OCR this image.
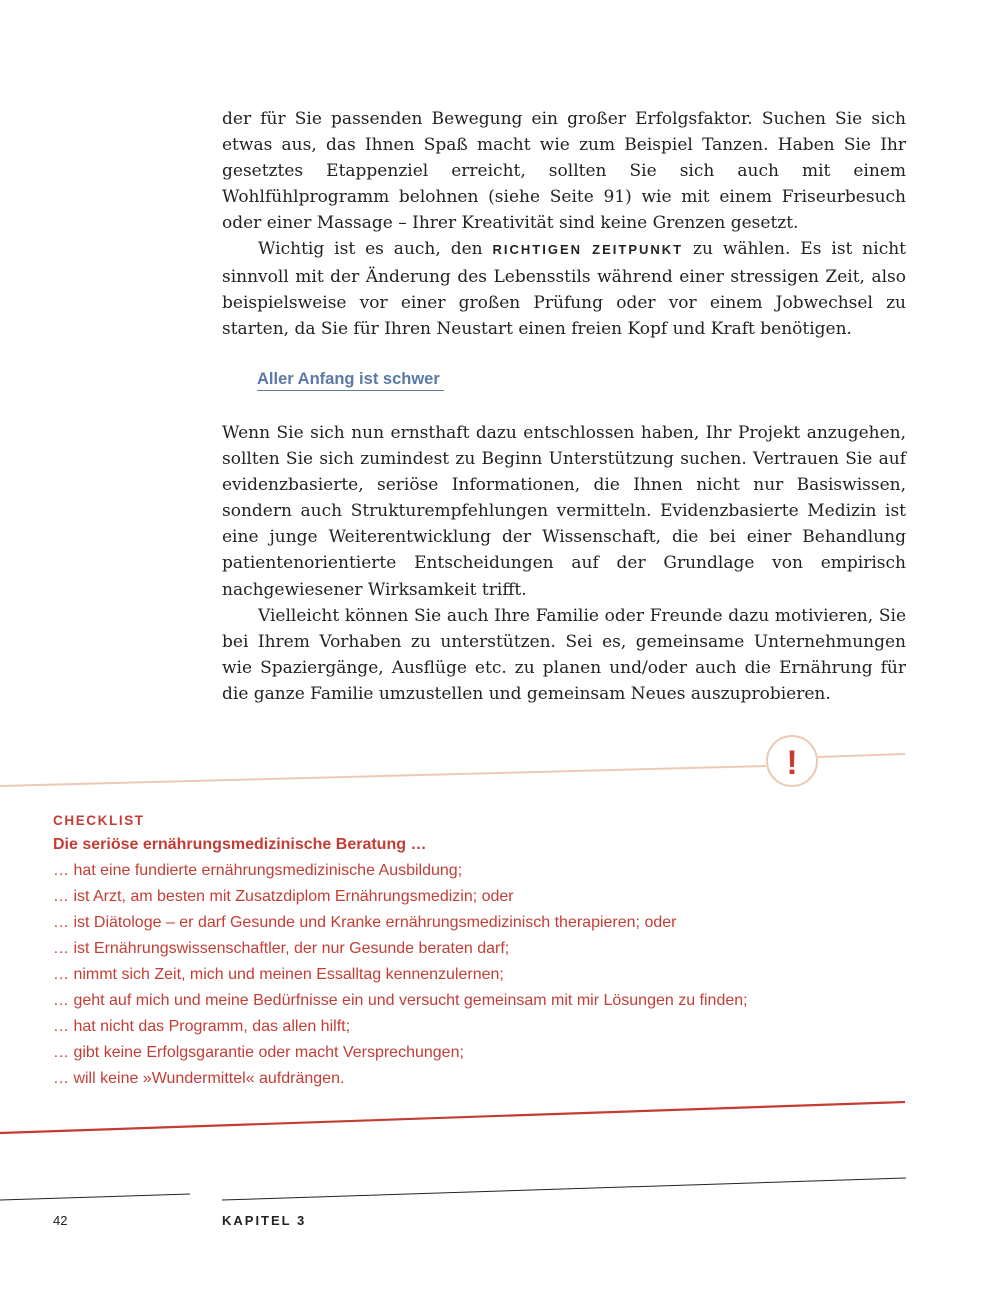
der für Sie passenden Bewegung ein großer Erfolgsfaktor. Suchen Sie sich etwas aus, das Ihnen Spaß macht wie zum Beispiel Tanzen. Haben Sie Ihr gesetztes Etappenziel erreicht, sollten Sie sich auch mit einem Wohlfühlprogramm belohnen (siehe Seite 91) wie mit einem Friseurbesuch oder einer Massage – Ihrer Kreativität sind keine Grenzen gesetzt.

Wichtig ist es auch, den RICHTIGEN ZEITPUNKT zu wählen. Es ist nicht sinnvoll mit der Änderung des Lebensstils während einer stressigen Zeit, also beispielsweise vor einer großen Prüfung oder vor einem Jobwechsel zu starten, da Sie für Ihren Neustart einen freien Kopf und Kraft benötigen.

Aller Anfang ist schwer

Wenn Sie sich nun ernsthaft dazu entschlossen haben, Ihr Projekt anzugehen, sollten Sie sich zumindest zu Beginn Unterstützung suchen. Vertrauen Sie auf evidenzbasierte, seriöse Informationen, die Ihnen nicht nur Basiswissen, sondern auch Strukturempfehlungen vermitteln. Evidenzbasierte Medizin ist eine junge Weiterentwicklung der Wissenschaft, die bei einer Behandlung patientenorientierte Entscheidungen auf der Grundlage von empirisch nachgewiesener Wirksamkeit trifft.

Vielleicht können Sie auch Ihre Familie oder Freunde dazu motivieren, Sie bei Ihrem Vorhaben zu unterstützen. Sei es, gemeinsame Unternehmungen wie Spaziergänge, Ausflüge etc. zu planen und/oder auch die Ernährung für die ganze Familie umzustellen und gemeinsam Neues auszuprobieren.

!
CHECKLIST
Die seriöse ernährungsmedizinische Beratung …
… hat eine fundierte ernährungsmedizinische Ausbildung;
… ist Arzt, am besten mit Zusatzdiplom Ernährungsmedizin; oder
… ist Diätologe – er darf Gesunde und Kranke ernährungsmedizinisch therapieren; oder
… ist Ernährungswissenschaftler, der nur Gesunde beraten darf;
… nimmt sich Zeit, mich und meinen Essalltag kennenzulernen;
… geht auf mich und meine Bedürfnisse ein und versucht gemeinsam mit mir Lösungen zu finden;
… hat nicht das Programm, das allen hilft;
… gibt keine Erfolgsgarantie oder macht Versprechungen;
… will keine »Wundermittel« aufdrängen.
42	KAPITEL 3
